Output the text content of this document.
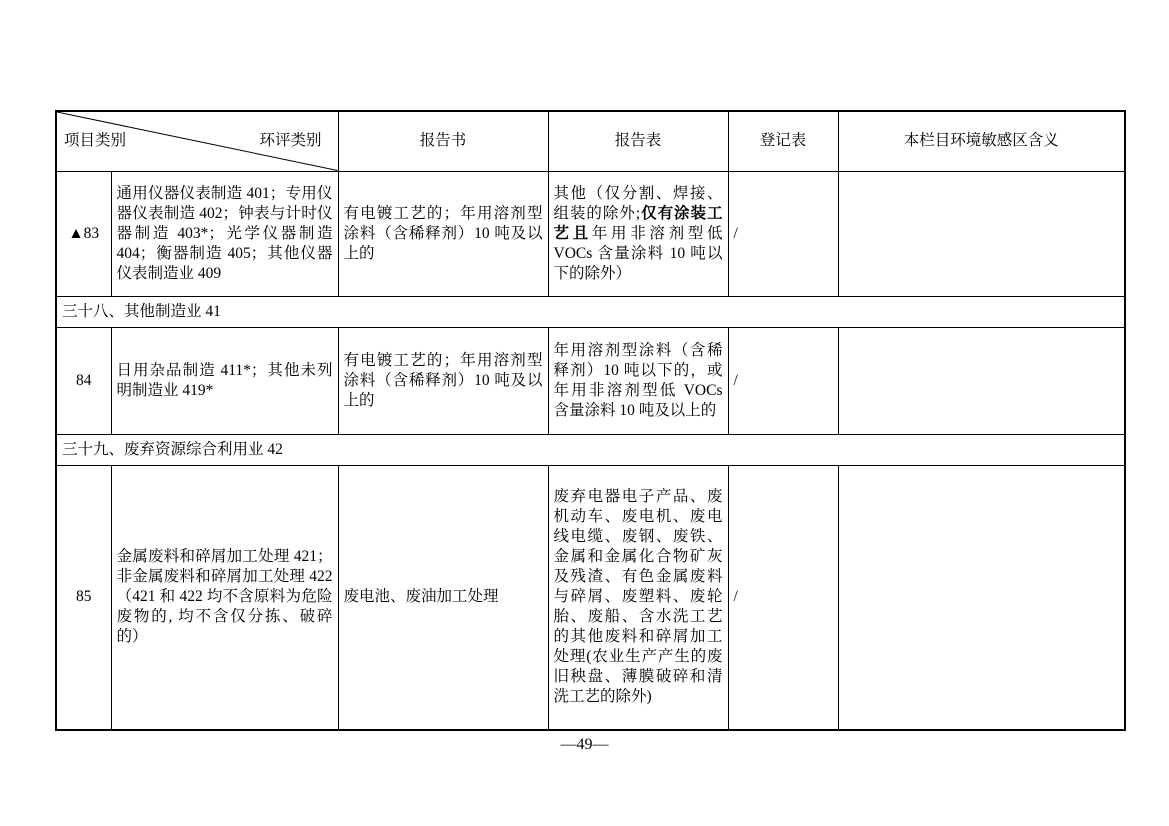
项目类别 环评类别		报告书	报告表	登记表	本栏目环境敏感区含义
▲83	通用仪器仪表制造 401；专用仪器仪表制造 402；钟表与计时仪器制造 403*；光学仪器制造 404；衡器制造 405；其他仪器仪表制造业 409	有电镀工艺的；年用溶剂型涂料（含稀释剂）10 吨及以上的	其他（仅分割、焊接、组装的除外;仅有涂装工艺且年用非溶剂型低 VOCs 含量涂料 10 吨以下的除外）	/	
三十八、其他制造业 41					
84	日用杂品制造 411*；其他未列明制造业 419*	有电镀工艺的；年用溶剂型涂料（含稀释剂）10 吨及以上的	年用溶剂型涂料（含稀释剂）10 吨以下的，或年用非溶剂型低 VOCs 含量涂料 10 吨及以上的	/	
三十九、废弃资源综合利用业 42					
85	金属废料和碎屑加工处理 421；非金属废料和碎屑加工处理 422（421 和 422 均不含原料为危险废物的, 均不含仅分拣、破碎的）	废电池、废油加工处理	废弃电器电子产品、废机动车、废电机、废电线电缆、废钢、废铁、金属和金属化合物矿灰及残渣、有色金属废料与碎屑、废塑料、废轮胎、废船、含水洗工艺的其他废料和碎屑加工处理(农业生产产生的废旧秧盘、薄膜破碎和清洗工艺的除外)	/	
—49—
